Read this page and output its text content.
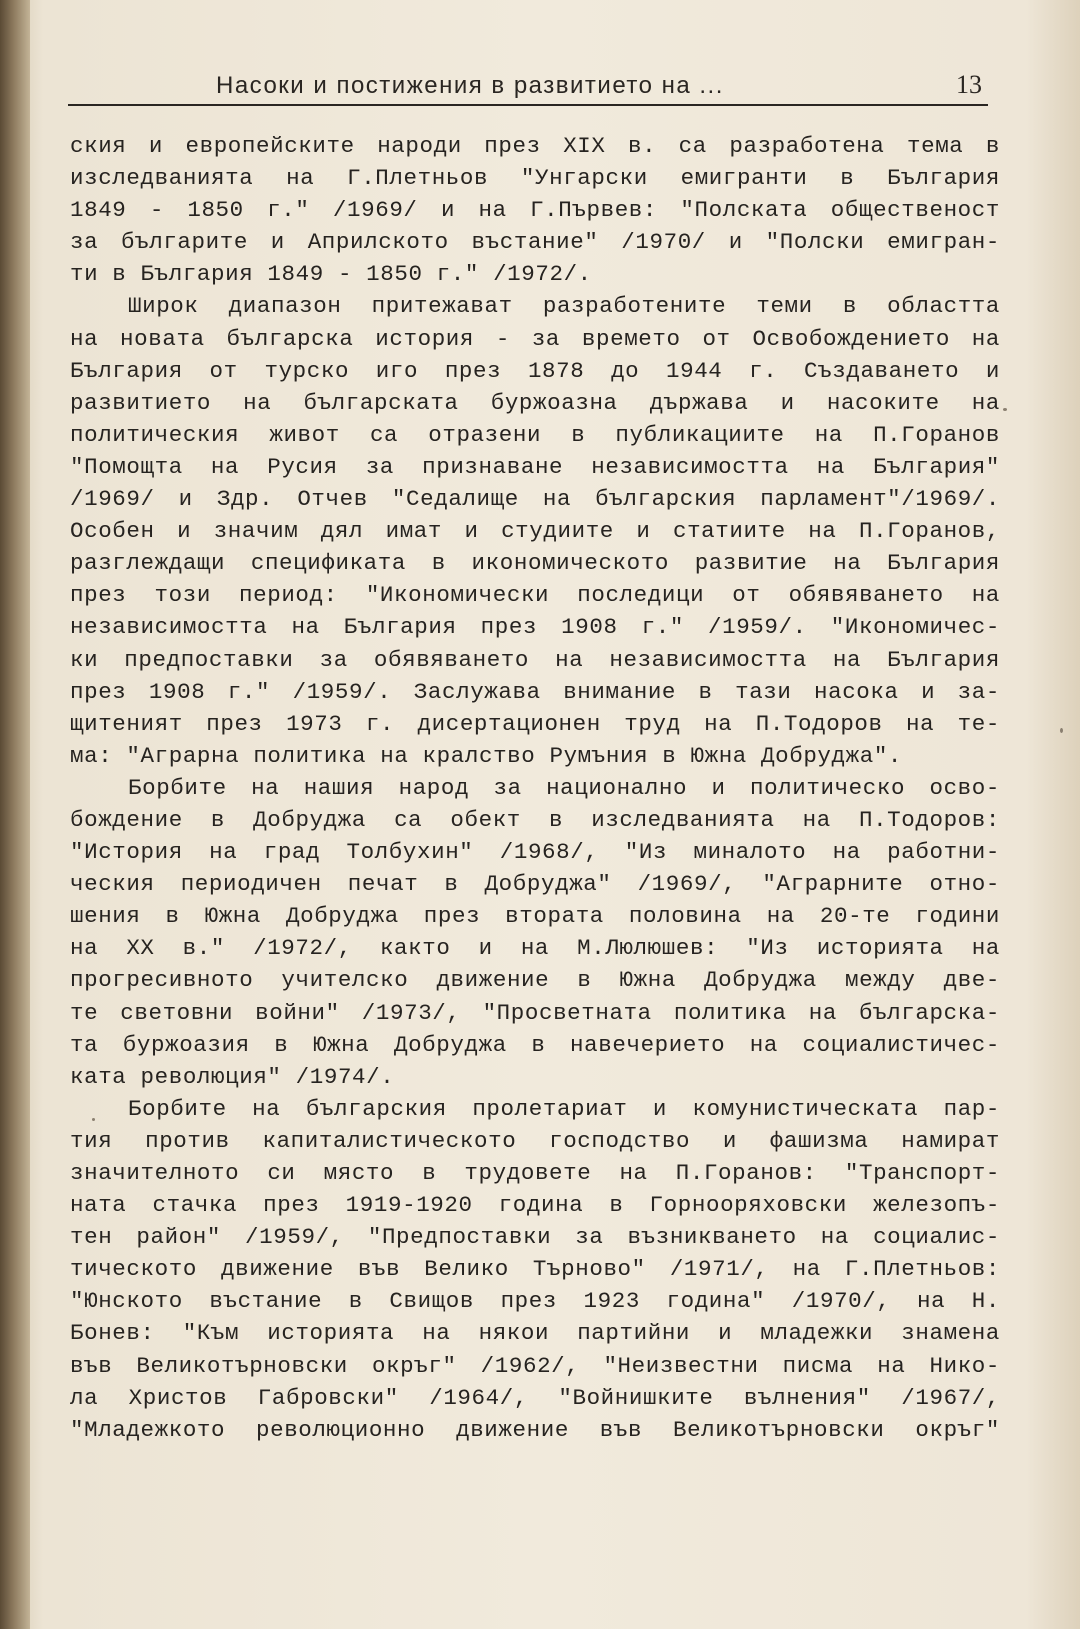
Насоки и постижения в развитието на ...	13
ския и европейските народи през XIX в. са разработена тема в
изследванията на Г.Плетньов "Унгарски емигранти в България
1849 - 1850 г." /1969/ и на Г.Първев: "Полската общественост
за българите и Априлското въстание" /1970/ и "Полски емигран-
ти в България 1849 - 1850 г." /1972/.
Широк диапазон притежават разработените теми в областта
на новата българска история - за времето от Освобождението на
България от турско иго през 1878 до 1944 г. Създаването и
развитието на българската буржоазна държава и насоките на
политическия живот са отразени в публикациите на П.Горанов
"Помощта на Русия за признаване независимостта на България"
/1969/ и Здр. Отчев "Седалище на българския парламент"/1969/.
Особен и значим дял имат и студиите и статиите на П.Горанов,
разглеждащи спецификата в икономическото развитие на България
през този период: "Икономически последици от обявяването на
независимостта на България през 1908 г." /1959/. "Икономичес-
ки предпоставки за обявяването на независимостта на България
през 1908 г." /1959/. Заслужава внимание в тази насока и за-
щитеният през 1973 г. дисертационен труд на П.Тодоров на те-
ма: "Аграрна политика на кралство Румъния в Южна Добруджа".
Борбите на нашия народ за национално и политическо осво-
бождение в Добруджа са обект в изследванията на П.Тодоров:
"История на град Толбухин" /1968/, "Из миналото на работни-
ческия периодичен печат в Добруджа" /1969/, "Аграрните отно-
шения в Южна Добруджа през втората половина на 20-те години
на XX в." /1972/, както и на М.Люлюшев: "Из историята на
прогресивното учителско движение в Южна Добруджа между две-
те световни войни" /1973/, "Просветната политика на българска-
та буржоазия в Южна Добруджа в навечерието на социалистичес-
ката революция" /1974/.
Борбите на българския пролетариат и комунистическата пар-
тия против капиталистическото господство и фашизма намират
значителното си място в трудовете на П.Горанов: "Транспорт-
ната стачка през 1919-1920 година в Горнооряховски железопъ-
тен район" /1959/, "Предпоставки за възникването на социалис-
тическото движение във Велико Търново" /1971/, на Г.Плетньов:
"Юнското въстание в Свищов през 1923 година" /1970/, на Н.
Бонев: "Към историята на някои партийни и младежки знамена
във Великотърновски окръг" /1962/, "Неизвестни писма на Нико-
ла Христов Габровски" /1964/, "Войнишките вълнения" /1967/,
"Младежкото революционно движение във Великотърновски окръг"
